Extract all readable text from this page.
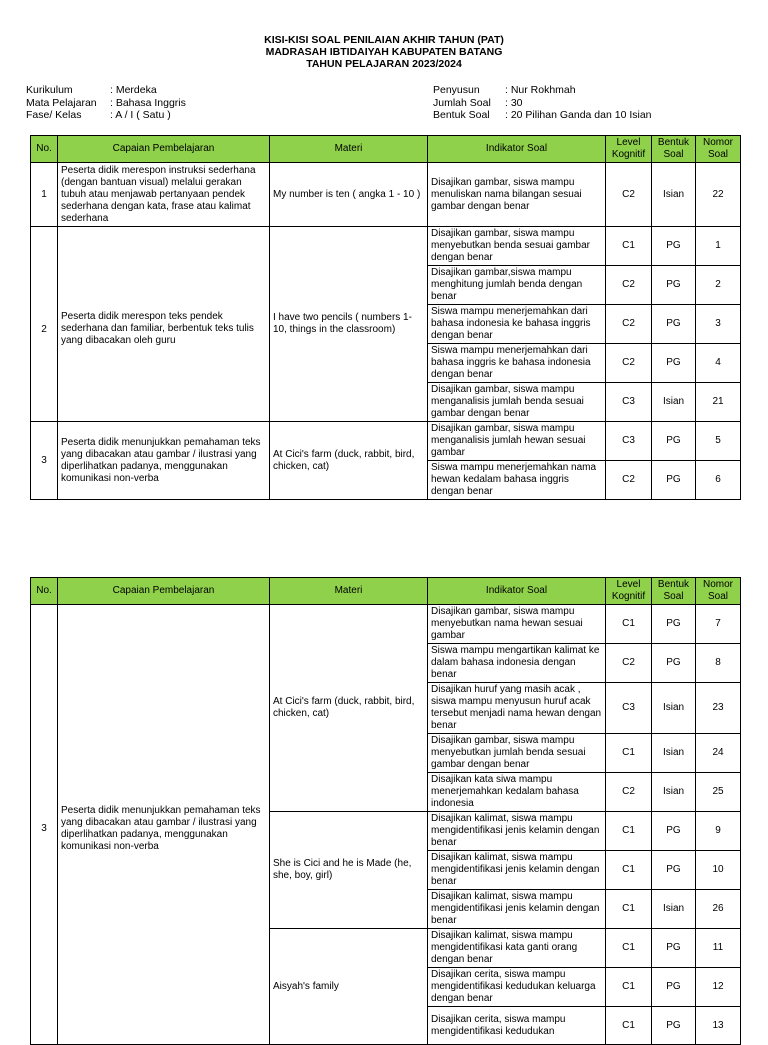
KISI-KISI SOAL PENILAIAN AKHIR TAHUN (PAT)
MADRASAH IBTIDAIYAH KABUPATEN BATANG
TAHUN PELAJARAN 2023/2024
Kurikulum	: Merdeka
Mata Pelajaran	: Bahasa Inggris
Fase/ Kelas	: A / I ( Satu )
Penyusun	: Nur Rokhmah
Jumlah Soal	: 30
Bentuk Soal	: 20 Pilihan Ganda dan 10 Isian
No.	Capaian Pembelajaran	Materi	Indikator Soal	Level Kognitif	Bentuk Soal	Nomor Soal
1	Peserta didik merespon instruksi sederhana (dengan bantuan visual) melalui gerakan tubuh atau menjawab pertanyaan pendek sederhana dengan kata, frase atau kalimat sederhana	My number is ten ( angka 1 - 10 )	Disajikan gambar, siswa mampu menuliskan nama bilangan sesuai gambar dengan benar	C2	Isian	22
2	Peserta didik merespon teks pendek sederhana dan familiar, berbentuk teks tulis yang dibacakan oleh guru	I have two pencils ( numbers 1-10, things in the classroom)	Disajikan gambar, siswa mampu menyebutkan benda sesuai gambar dengan benar	C1	PG	1
			Disajikan gambar,siswa mampu menghitung jumlah benda dengan benar	C2	PG	2
			Siswa mampu menerjemahkan dari bahasa indonesia ke bahasa inggris dengan benar	C2	PG	3
			Siswa mampu menerjemahkan dari bahasa inggris ke bahasa indonesia dengan benar	C2	PG	4
			Disajikan gambar, siswa mampu menganalisis jumlah benda sesuai gambar dengan benar	C3	Isian	21
3	Peserta didik menunjukkan pemahaman teks yang dibacakan atau gambar / ilustrasi yang diperlihatkan padanya, menggunakan komunikasi non-verba	At Cici's farm (duck, rabbit, bird, chicken, cat)	Disajikan gambar, siswa mampu menganalisis jumlah hewan sesuai gambar	C3	PG	5
			Siswa mampu menerjemahkan nama hewan kedalam bahasa inggris dengan benar	C2	PG	6
No.	Capaian Pembelajaran	Materi	Indikator Soal	Level Kognitif	Bentuk Soal	Nomor Soal
3	Peserta didik menunjukkan pemahaman teks yang dibacakan atau gambar / ilustrasi yang diperlihatkan padanya, menggunakan komunikasi non-verba	At Cici's farm (duck, rabbit, bird, chicken, cat)	Disajikan gambar, siswa mampu menyebutkan nama hewan sesuai gambar	C1	PG	7
			Siswa mampu mengartikan kalimat ke dalam bahasa indonesia dengan benar	C2	PG	8
			Disajikan huruf yang masih acak , siswa mampu menyusun huruf acak tersebut menjadi nama hewan dengan benar	C3	Isian	23
			Disajikan gambar, siswa mampu menyebutkan jumlah benda sesuai gambar dengan benar	C1	Isian	24
			Disajikan kata siwa mampu menerjemahkan kedalam bahasa indonesia	C2	Isian	25
		She is Cici and he is Made (he, she, boy, girl)	Disajikan kalimat, siswa mampu mengidentifikasi jenis kelamin dengan benar	C1	PG	9
			Disajikan kalimat, siswa mampu mengidentifikasi jenis kelamin dengan benar	C1	PG	10
			Disajikan kalimat, siswa mampu mengidentifikasi jenis kelamin dengan benar	C1	Isian	26
		Aisyah's family	Disajikan kalimat, siswa mampu mengidentifikasi kata ganti orang dengan benar	C1	PG	11
			Disajikan cerita, siswa mampu mengidentifikasi kedudukan keluarga dengan benar	C1	PG	12
			Disajikan cerita, siswa mampu mengidentifikasi kedudukan	C1	PG	13
